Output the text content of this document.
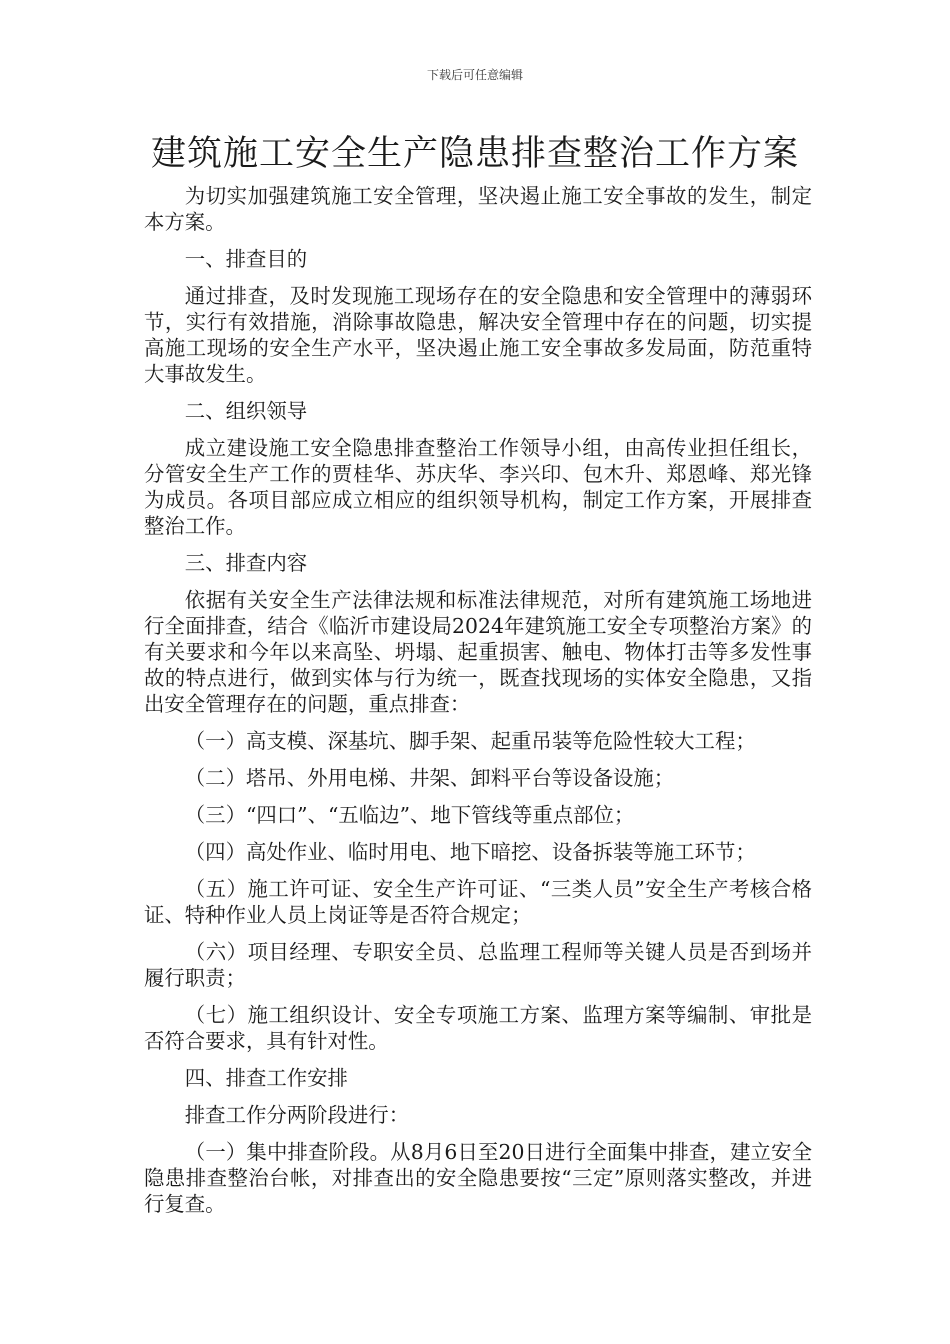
下载后可任意编辑
建筑施工安全生产隐患排查整治工作方案

为切实加强建筑施工安全管理，坚决遏止施工安全事故的发生，制定本方案。

一、排查目的

通过排查，及时发现施工现场存在的安全隐患和安全管理中的薄弱环节，实行有效措施，消除事故隐患，解决安全管理中存在的问题，切实提高施工现场的安全生产水平，坚决遏止施工安全事故多发局面，防范重特大事故发生。

二、组织领导

成立建设施工安全隐患排查整治工作领导小组，由高传业担任组长，分管安全生产工作的贾桂华、苏庆华、李兴印、包木升、郑恩峰、郑光锋为成员。各项目部应成立相应的组织领导机构，制定工作方案，开展排查整治工作。

三、排查内容

依据有关安全生产法律法规和标准法律规范，对所有建筑施工场地进行全面排查，结合《临沂市建设局2024年建筑施工安全专项整治方案》的有关要求和今年以来高坠、坍塌、起重损害、触电、物体打击等多发性事故的特点进行，做到实体与行为统一，既查找现场的实体安全隐患，又指出安全管理存在的问题，重点排查：

（一）高支模、深基坑、脚手架、起重吊装等危险性较大工程；

（二）塔吊、外用电梯、井架、卸料平台等设备设施；

（三）“四口”、“五临边”、地下管线等重点部位；

（四）高处作业、临时用电、地下暗挖、设备拆装等施工环节；

（五）施工许可证、安全生产许可证、“三类人员”安全生产考核合格证、特种作业人员上岗证等是否符合规定；

（六）项目经理、专职安全员、总监理工程师等关键人员是否到场并履行职责；

（七）施工组织设计、安全专项施工方案、监理方案等编制、审批是否符合要求，具有针对性。

四、排查工作安排

排查工作分两阶段进行：

（一）集中排查阶段。从8月6日至20日进行全面集中排查，建立安全隐患排查整治台帐，对排查出的安全隐患要按“三定”原则落实整改，并进行复查。
